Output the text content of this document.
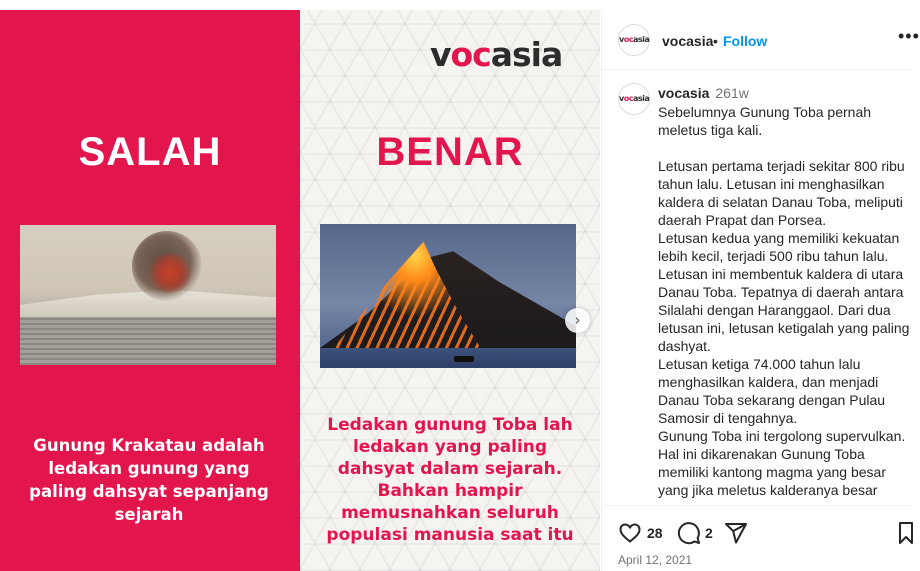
SALAH
Gunung Krakatau adalah ledakan gunung yang paling dahsyat sepanjang sejarah
vocasia
BENAR
Ledakan gunung Toba lah ledakan yang paling dahsyat dalam sejarah. Bahkan hampir memusnahkan seluruh populasi manusia saat itu
›
vocasia vocasia • Follow	•••
vocasia vocasia 261w
Sebelumnya Gunung Toba pernah meletus tiga kali.

Letusan pertama terjadi sekitar 800 ribu tahun lalu. Letusan ini menghasilkan kaldera di selatan Danau Toba, meliputi daerah Prapat dan Porsea.
Letusan kedua yang memiliki kekuatan lebih kecil, terjadi 500 ribu tahun lalu. Letusan ini membentuk kaldera di utara Danau Toba. Tepatnya di daerah antara Silalahi dengan Haranggaol. Dari dua letusan ini, letusan ketigalah yang paling dashyat.
Letusan ketiga 74.000 tahun lalu menghasilkan kaldera, dan menjadi Danau Toba sekarang dengan Pulau Samosir di tengahnya.
Gunung Toba ini tergolong supervulkan. Hal ini dikarenakan Gunung Toba memiliki kantong magma yang besar yang jika meletus kalderanya besar
28	2
April 12, 2021
